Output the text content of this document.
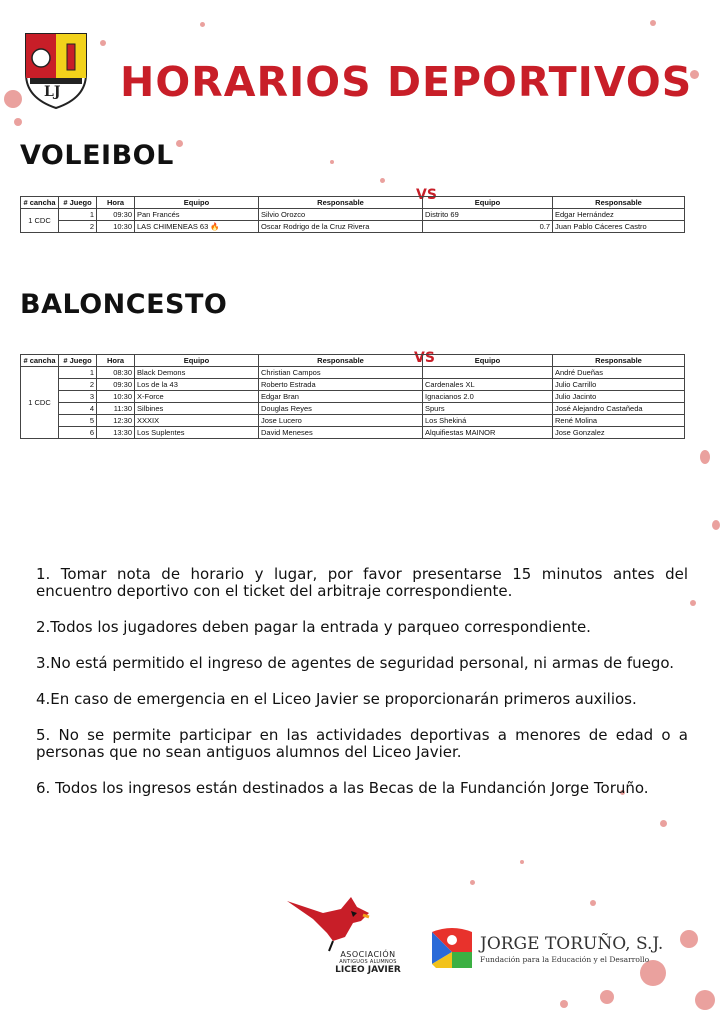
LJ HORARIOS DEPORTIVOS
VOLEIBOL
VS
# cancha	# Juego	Hora	Equipo	Responsable	Equipo	Responsable
1 CDC	1	09:30	Pan Francés	Silvio Orozco	Distrito 69	Edgar Hernández
	2	10:30	LAS CHIMENEAS 63 🔥	Oscar Rodrigo de la Cruz Rivera	0.7	Juan Pablo Cáceres Castro
BALONCESTO
VS
# cancha	# Juego	Hora	Equipo	Responsable	Equipo	Responsable
1 CDC	1	08:30	Black Demons	Christian Campos		André Dueñas
	2	09:30	Los de la 43	Roberto Estrada	Cardenales XL	Julio Carrillo
	3	10:30	X-Force	Edgar Bran	Ignacianos 2.0	Julio Jacinto
	4	11:30	Silbines	Douglas Reyes	Spurs	José Alejandro Castañeda
	5	12:30	XXXIX	Jose Lucero	Los Shekiná	René Molina
	6	13:30	Los Suplentes	David Meneses	Alquifiestas MAINOR	Jose Gonzalez

1. Tomar nota de horario y lugar, por favor presentarse 15 minutos antes del encuentro deportivo con el ticket del arbitraje correspondiente.

2.Todos los jugadores deben pagar la entrada y parqueo correspondiente.

3.No está permitido el ingreso de agentes de seguridad personal, ni armas de fuego.

4.En caso de emergencia en el Liceo Javier se proporcionarán primeros auxilios.

5. No se permite participar en las actividades deportivas a menores de edad o a personas que no sean antiguos alumnos del Liceo Javier.

6. Todos los ingresos están destinados a las Becas de la Fundanción Jorge Toruño.

ASOCIACIÓN
ANTIGUOS ALUMNOS
LICEO JAVIER
JORGE TORUÑO, S.J.
Fundación para la Educación y el Desarrollo
